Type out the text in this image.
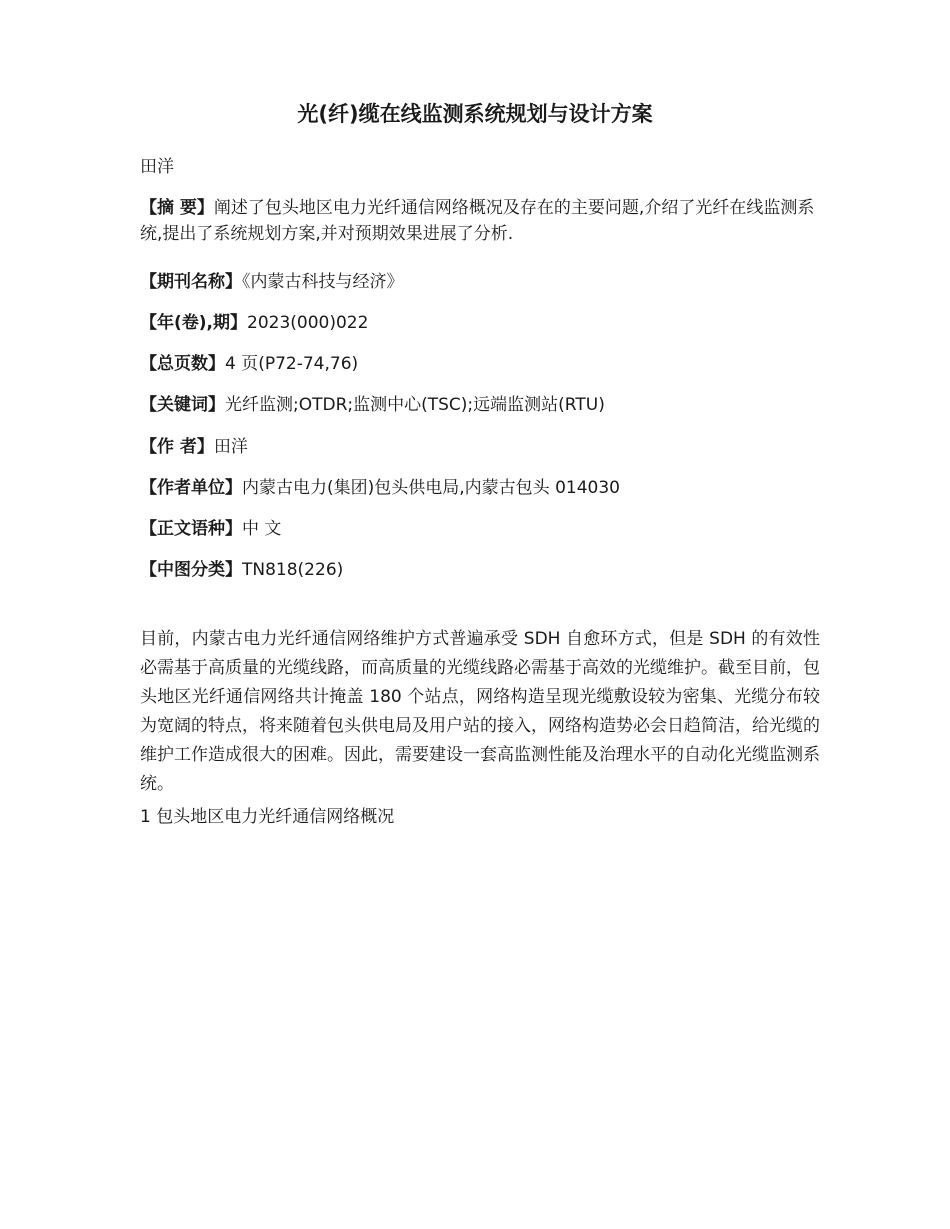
光(纤)缆在线监测系统规划与设计方案

田洋

【摘 要】阐述了包头地区电力光纤通信网络概况及存在的主要问题,介绍了光纤在线监测系统,提出了系统规划方案,并对预期效果进展了分析.

【期刊名称】《内蒙古科技与经济》

【年(卷),期】2023(000)022

【总页数】4 页(P72-74,76)

【关键词】光纤监测;OTDR;监测中心(TSC);远端监测站(RTU)

【作 者】田洋

【作者单位】内蒙古电力(集团)包头供电局,内蒙古包头 014030

【正文语种】中 文

【中图分类】TN818(226)

目前，内蒙古电力光纤通信网络维护方式普遍承受 SDH 自愈环方式，但是 SDH 的有效性必需基于高质量的光缆线路，而高质量的光缆线路必需基于高效的光缆维护。截至目前，包头地区光纤通信网络共计掩盖 180 个站点，网络构造呈现光缆敷设较为密集、光缆分布较为宽阔的特点，将来随着包头供电局及用户站的接入，网络构造势必会日趋简洁，给光缆的维护工作造成很大的困难。因此，需要建设一套高监测性能及治理水平的自动化光缆监测系统。

1 包头地区电力光纤通信网络概况
